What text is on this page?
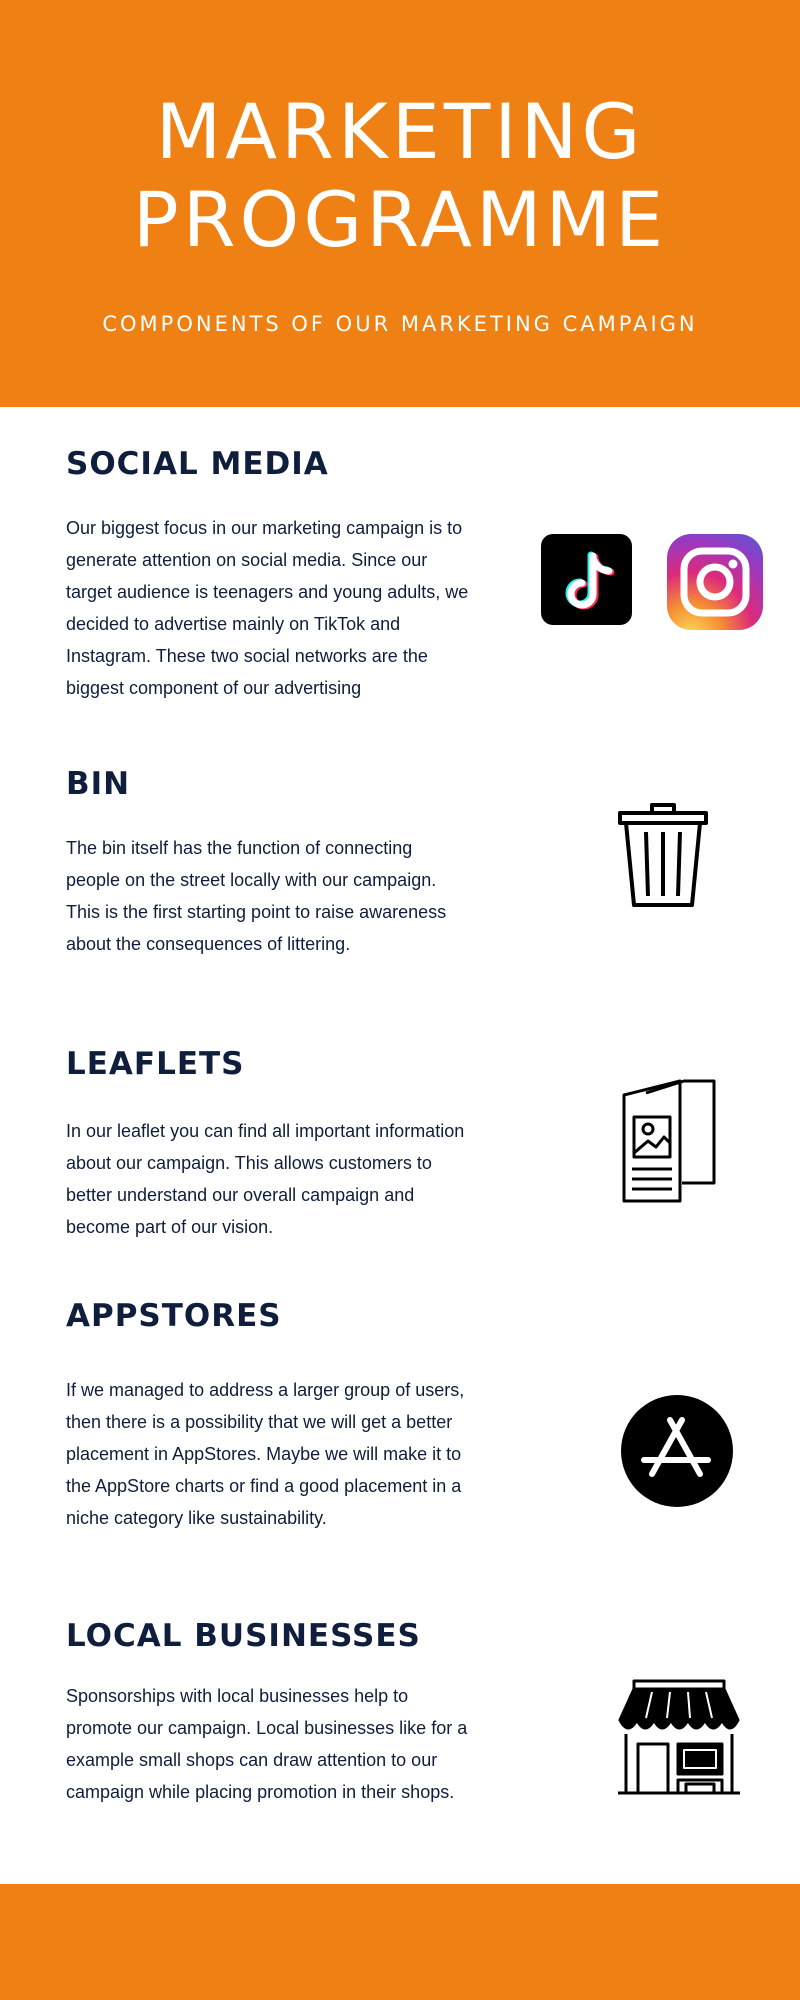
MARKETING
PROGRAMME
COMPONENTS OF OUR MARKETING CAMPAIGN
SOCIAL MEDIA
Our biggest focus in our marketing campaign is to generate attention on social media. Since our target audience is teenagers and young adults, we decided to advertise mainly on TikTok and Instagram. These two social networks are the biggest component of our advertising
BIN
The bin itself has the function of connecting people on the street locally with our campaign. This is the first starting point to raise awareness about the consequences of littering.
LEAFLETS
In our leaflet you can find all important information about our campaign. This allows customers to better understand our overall campaign and become part of our vision.
APPSTORES
If we managed to address a larger group of users, then there is a possibility that we will get a better placement in AppStores. Maybe we will make it to the AppStore charts or find a good placement in a niche category like sustainability.
LOCAL BUSINESSES
Sponsorships with local businesses help to promote our campaign. Local businesses like for a example small shops can draw attention to our campaign while placing promotion in their shops.
